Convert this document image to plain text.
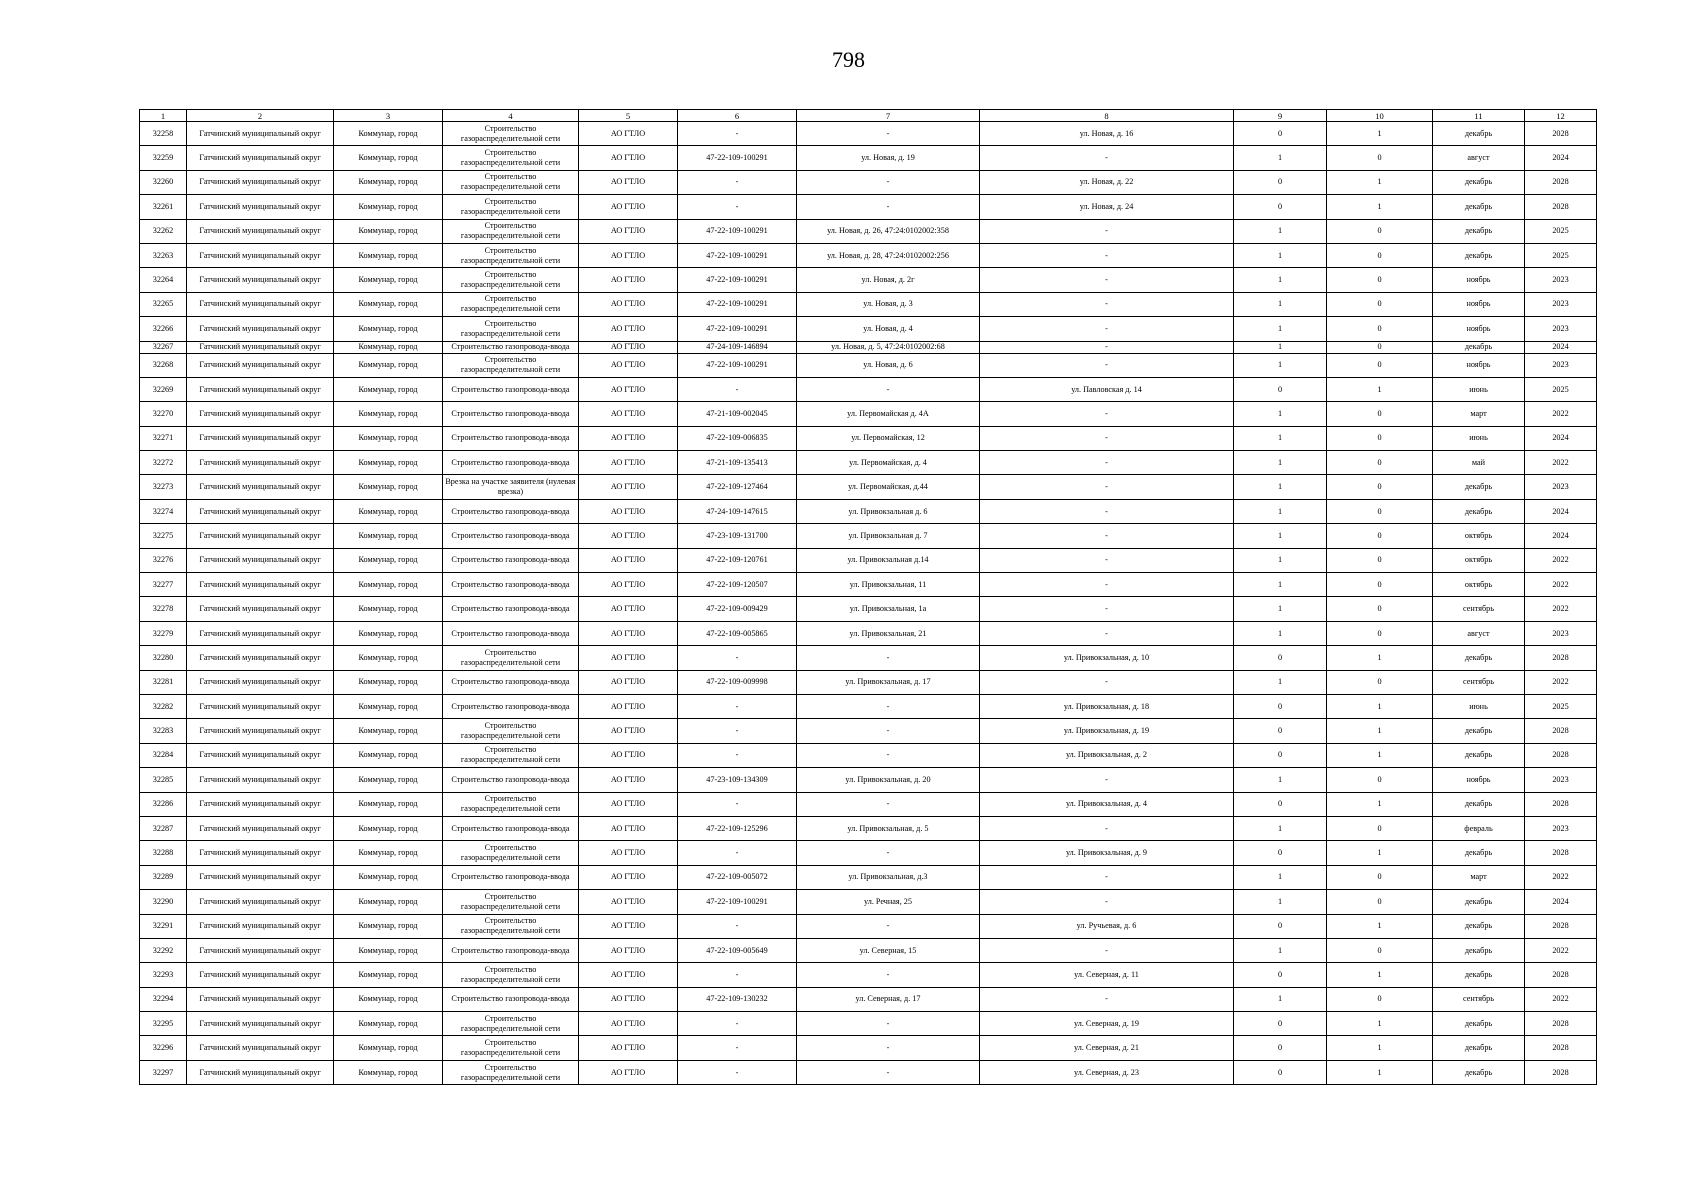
798
1	2	3	4	5	6	7	8	9	10	11	12
32258	Гатчинский муниципальный округ	Коммунар, город	Строительство газораспределительной сети	АО ГТЛО	-	-	ул. Новая, д. 16	0	1	декабрь	2028
32259	Гатчинский муниципальный округ	Коммунар, город	Строительство газораспределительной сети	АО ГТЛО	47-22-109-100291	ул. Новая, д. 19	-	1	0	август	2024
32260	Гатчинский муниципальный округ	Коммунар, город	Строительство газораспределительной сети	АО ГТЛО	-	-	ул. Новая, д. 22	0	1	декабрь	2028
32261	Гатчинский муниципальный округ	Коммунар, город	Строительство газораспределительной сети	АО ГТЛО	-	-	ул. Новая, д. 24	0	1	декабрь	2028
32262	Гатчинский муниципальный округ	Коммунар, город	Строительство газораспределительной сети	АО ГТЛО	47-22-109-100291	ул. Новая, д. 26, 47:24:0102002:358	-	1	0	декабрь	2025
32263	Гатчинский муниципальный округ	Коммунар, город	Строительство газораспределительной сети	АО ГТЛО	47-22-109-100291	ул. Новая, д. 28, 47:24:0102002:256	-	1	0	декабрь	2025
32264	Гатчинский муниципальный округ	Коммунар, город	Строительство газораспределительной сети	АО ГТЛО	47-22-109-100291	ул. Новая, д. 2г	-	1	0	ноябрь	2023
32265	Гатчинский муниципальный округ	Коммунар, город	Строительство газораспределительной сети	АО ГТЛО	47-22-109-100291	ул. Новая, д. 3	-	1	0	ноябрь	2023
32266	Гатчинский муниципальный округ	Коммунар, город	Строительство газораспределительной сети	АО ГТЛО	47-22-109-100291	ул. Новая, д. 4	-	1	0	ноябрь	2023
32267	Гатчинский муниципальный округ	Коммунар, город	Строительство газопровода-ввода	АО ГТЛО	47-24-109-146894	ул. Новая, д. 5, 47:24:0102002:68	-	1	0	декабрь	2024
32268	Гатчинский муниципальный округ	Коммунар, город	Строительство газораспределительной сети	АО ГТЛО	47-22-109-100291	ул. Новая, д. 6	-	1	0	ноябрь	2023
32269	Гатчинский муниципальный округ	Коммунар, город	Строительство газопровода-ввода	АО ГТЛО	-	-	ул. Павловская д. 14	0	1	июнь	2025
32270	Гатчинский муниципальный округ	Коммунар, город	Строительство газопровода-ввода	АО ГТЛО	47-21-109-002045	ул. Первомайская д. 4А	-	1	0	март	2022
32271	Гатчинский муниципальный округ	Коммунар, город	Строительство газопровода-ввода	АО ГТЛО	47-22-109-006835	ул. Первомайская, 12	-	1	0	июнь	2024
32272	Гатчинский муниципальный округ	Коммунар, город	Строительство газопровода-ввода	АО ГТЛО	47-21-109-135413	ул. Первомайская, д. 4	-	1	0	май	2022
32273	Гатчинский муниципальный округ	Коммунар, город	Врезка на участке заявителя (нулевая врезка)	АО ГТЛО	47-22-109-127464	ул. Первомайская, д.44	-	1	0	декабрь	2023
32274	Гатчинский муниципальный округ	Коммунар, город	Строительство газопровода-ввода	АО ГТЛО	47-24-109-147615	ул. Привокзальная д. 6	-	1	0	декабрь	2024
32275	Гатчинский муниципальный округ	Коммунар, город	Строительство газопровода-ввода	АО ГТЛО	47-23-109-131700	ул. Привокзальная д. 7	-	1	0	октябрь	2024
32276	Гатчинский муниципальный округ	Коммунар, город	Строительство газопровода-ввода	АО ГТЛО	47-22-109-120761	ул. Привокзальная д.14	-	1	0	октябрь	2022
32277	Гатчинский муниципальный округ	Коммунар, город	Строительство газопровода-ввода	АО ГТЛО	47-22-109-120507	ул. Привокзальная, 11	-	1	0	октябрь	2022
32278	Гатчинский муниципальный округ	Коммунар, город	Строительство газопровода-ввода	АО ГТЛО	47-22-109-009429	ул. Привокзальная, 1а	-	1	0	сентябрь	2022
32279	Гатчинский муниципальный округ	Коммунар, город	Строительство газопровода-ввода	АО ГТЛО	47-22-109-005865	ул. Привокзальная, 21	-	1	0	август	2023
32280	Гатчинский муниципальный округ	Коммунар, город	Строительство газораспределительной сети	АО ГТЛО	-	-	ул. Привокзальная, д. 10	0	1	декабрь	2028
32281	Гатчинский муниципальный округ	Коммунар, город	Строительство газопровода-ввода	АО ГТЛО	47-22-109-009998	ул. Привокзальная, д. 17	-	1	0	сентябрь	2022
32282	Гатчинский муниципальный округ	Коммунар, город	Строительство газопровода-ввода	АО ГТЛО	-	-	ул. Привокзальная, д. 18	0	1	июнь	2025
32283	Гатчинский муниципальный округ	Коммунар, город	Строительство газораспределительной сети	АО ГТЛО	-	-	ул. Привокзальная, д. 19	0	1	декабрь	2028
32284	Гатчинский муниципальный округ	Коммунар, город	Строительство газораспределительной сети	АО ГТЛО	-	-	ул. Привокзальная, д. 2	0	1	декабрь	2028
32285	Гатчинский муниципальный округ	Коммунар, город	Строительство газопровода-ввода	АО ГТЛО	47-23-109-134309	ул. Привокзальная, д. 20	-	1	0	ноябрь	2023
32286	Гатчинский муниципальный округ	Коммунар, город	Строительство газораспределительной сети	АО ГТЛО	-	-	ул. Привокзальная, д. 4	0	1	декабрь	2028
32287	Гатчинский муниципальный округ	Коммунар, город	Строительство газопровода-ввода	АО ГТЛО	47-22-109-125296	ул. Привокзальная, д. 5	-	1	0	февраль	2023
32288	Гатчинский муниципальный округ	Коммунар, город	Строительство газораспределительной сети	АО ГТЛО	-	-	ул. Привокзальная, д. 9	0	1	декабрь	2028
32289	Гатчинский муниципальный округ	Коммунар, город	Строительство газопровода-ввода	АО ГТЛО	47-22-109-005072	ул. Привокзальная, д.3	-	1	0	март	2022
32290	Гатчинский муниципальный округ	Коммунар, город	Строительство газораспределительной сети	АО ГТЛО	47-22-109-100291	ул. Речная, 25	-	1	0	декабрь	2024
32291	Гатчинский муниципальный округ	Коммунар, город	Строительство газораспределительной сети	АО ГТЛО	-	-	ул. Ручьевая, д. 6	0	1	декабрь	2028
32292	Гатчинский муниципальный округ	Коммунар, город	Строительство газопровода-ввода	АО ГТЛО	47-22-109-005649	ул. Северная, 15	-	1	0	декабрь	2022
32293	Гатчинский муниципальный округ	Коммунар, город	Строительство газораспределительной сети	АО ГТЛО	-	-	ул. Северная, д. 11	0	1	декабрь	2028
32294	Гатчинский муниципальный округ	Коммунар, город	Строительство газопровода-ввода	АО ГТЛО	47-22-109-130232	ул. Северная, д. 17	-	1	0	сентябрь	2022
32295	Гатчинский муниципальный округ	Коммунар, город	Строительство газораспределительной сети	АО ГТЛО	-	-	ул. Северная, д. 19	0	1	декабрь	2028
32296	Гатчинский муниципальный округ	Коммунар, город	Строительство газораспределительной сети	АО ГТЛО	-	-	ул. Северная, д. 21	0	1	декабрь	2028
32297	Гатчинский муниципальный округ	Коммунар, город	Строительство газораспределительной сети	АО ГТЛО	-	-	ул. Северная, д. 23	0	1	декабрь	2028
